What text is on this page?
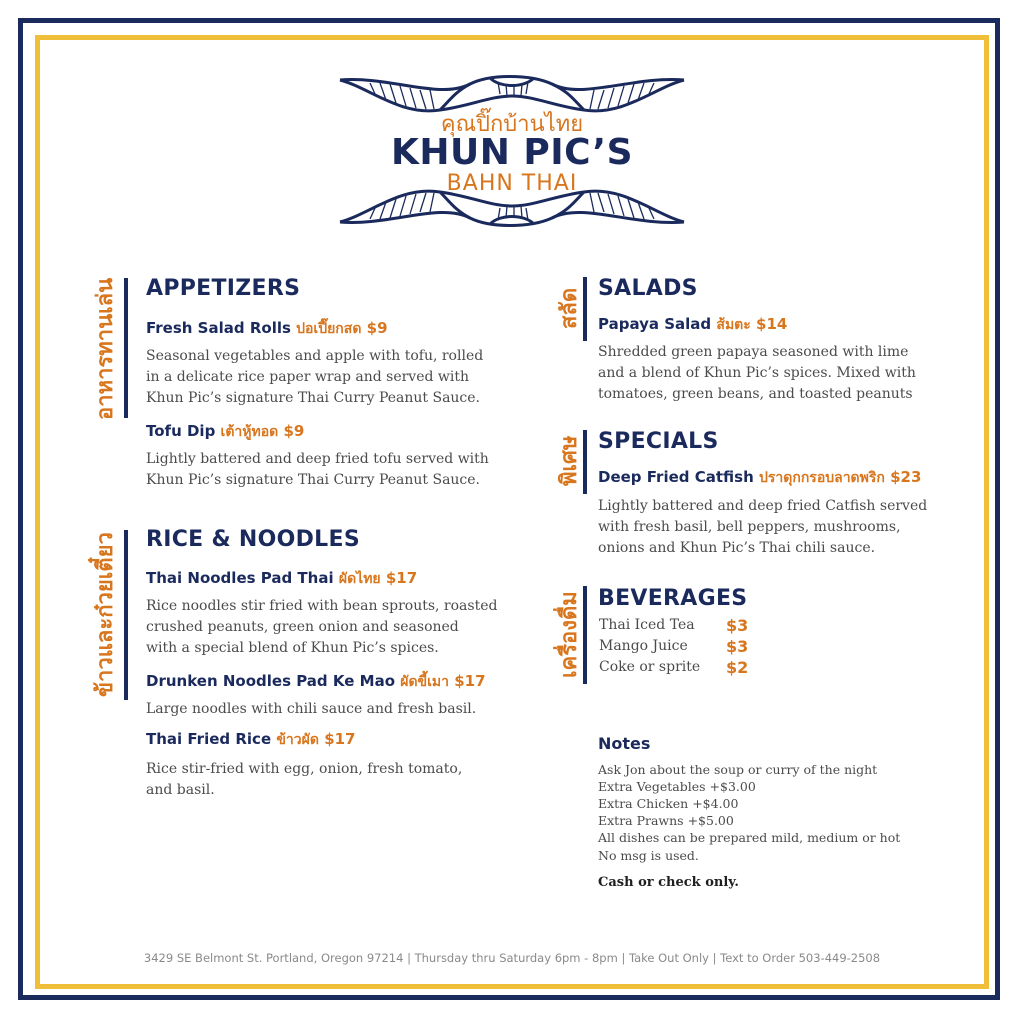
คุณปิ๊กบ้านไทย
KHUN PIC’S
BAHN THAI
อาหารทานเล่น APPETIZERS
Fresh Salad Rolls ปอเปี๊ยกสด $9
Seasonal vegetables and apple with tofu, rolled
in a delicate rice paper wrap and served with
Khun Pic’s signature Thai Curry Peanut Sauce.
Tofu Dip เต้าหู้ทอด $9
Lightly battered and deep fried tofu served with
Khun Pic’s signature Thai Curry Peanut Sauce.
ข้าวและก๋วยเตี๋ยว RICE & NOODLES
Thai Noodles Pad Thai ผัดไทย $17
Rice noodles stir fried with bean sprouts, roasted
crushed peanuts, green onion and seasoned
with a special blend of Khun Pic’s spices.
Drunken Noodles Pad Ke Mao ผัดขี้เมา $17
Large noodles with chili sauce and fresh basil.
Thai Fried Rice ข้าวผัด $17
Rice stir-fried with egg, onion, fresh tomato,
and basil.
สลัด SALADS
Papaya Salad ส้มตะ $14
Shredded green papaya seasoned with lime
and a blend of Khun Pic’s spices. Mixed with
tomatoes, green beans, and toasted peanuts
พิเศษ SPECIALS
Deep Fried Catfish ปราดุกกรอบลาดพริก $23
Lightly battered and deep fried Catfish served
with fresh basil, bell peppers, mushrooms,
onions and Khun Pic’s Thai chili sauce.
เครื่องดื่ม BEVERAGES
Thai Iced Tea $3
Mango Juice $3
Coke or sprite $2
Notes
Ask Jon about the soup or curry of the night
Extra Vegetables +$3.00
Extra Chicken +$4.00
Extra Prawns +$5.00
All dishes can be prepared mild, medium or hot
No msg is used.
Cash or check only.
3429 SE Belmont St. Portland, Oregon 97214 | Thursday thru Saturday 6pm - 8pm | Take Out Only | Text to Order 503-449-2508
